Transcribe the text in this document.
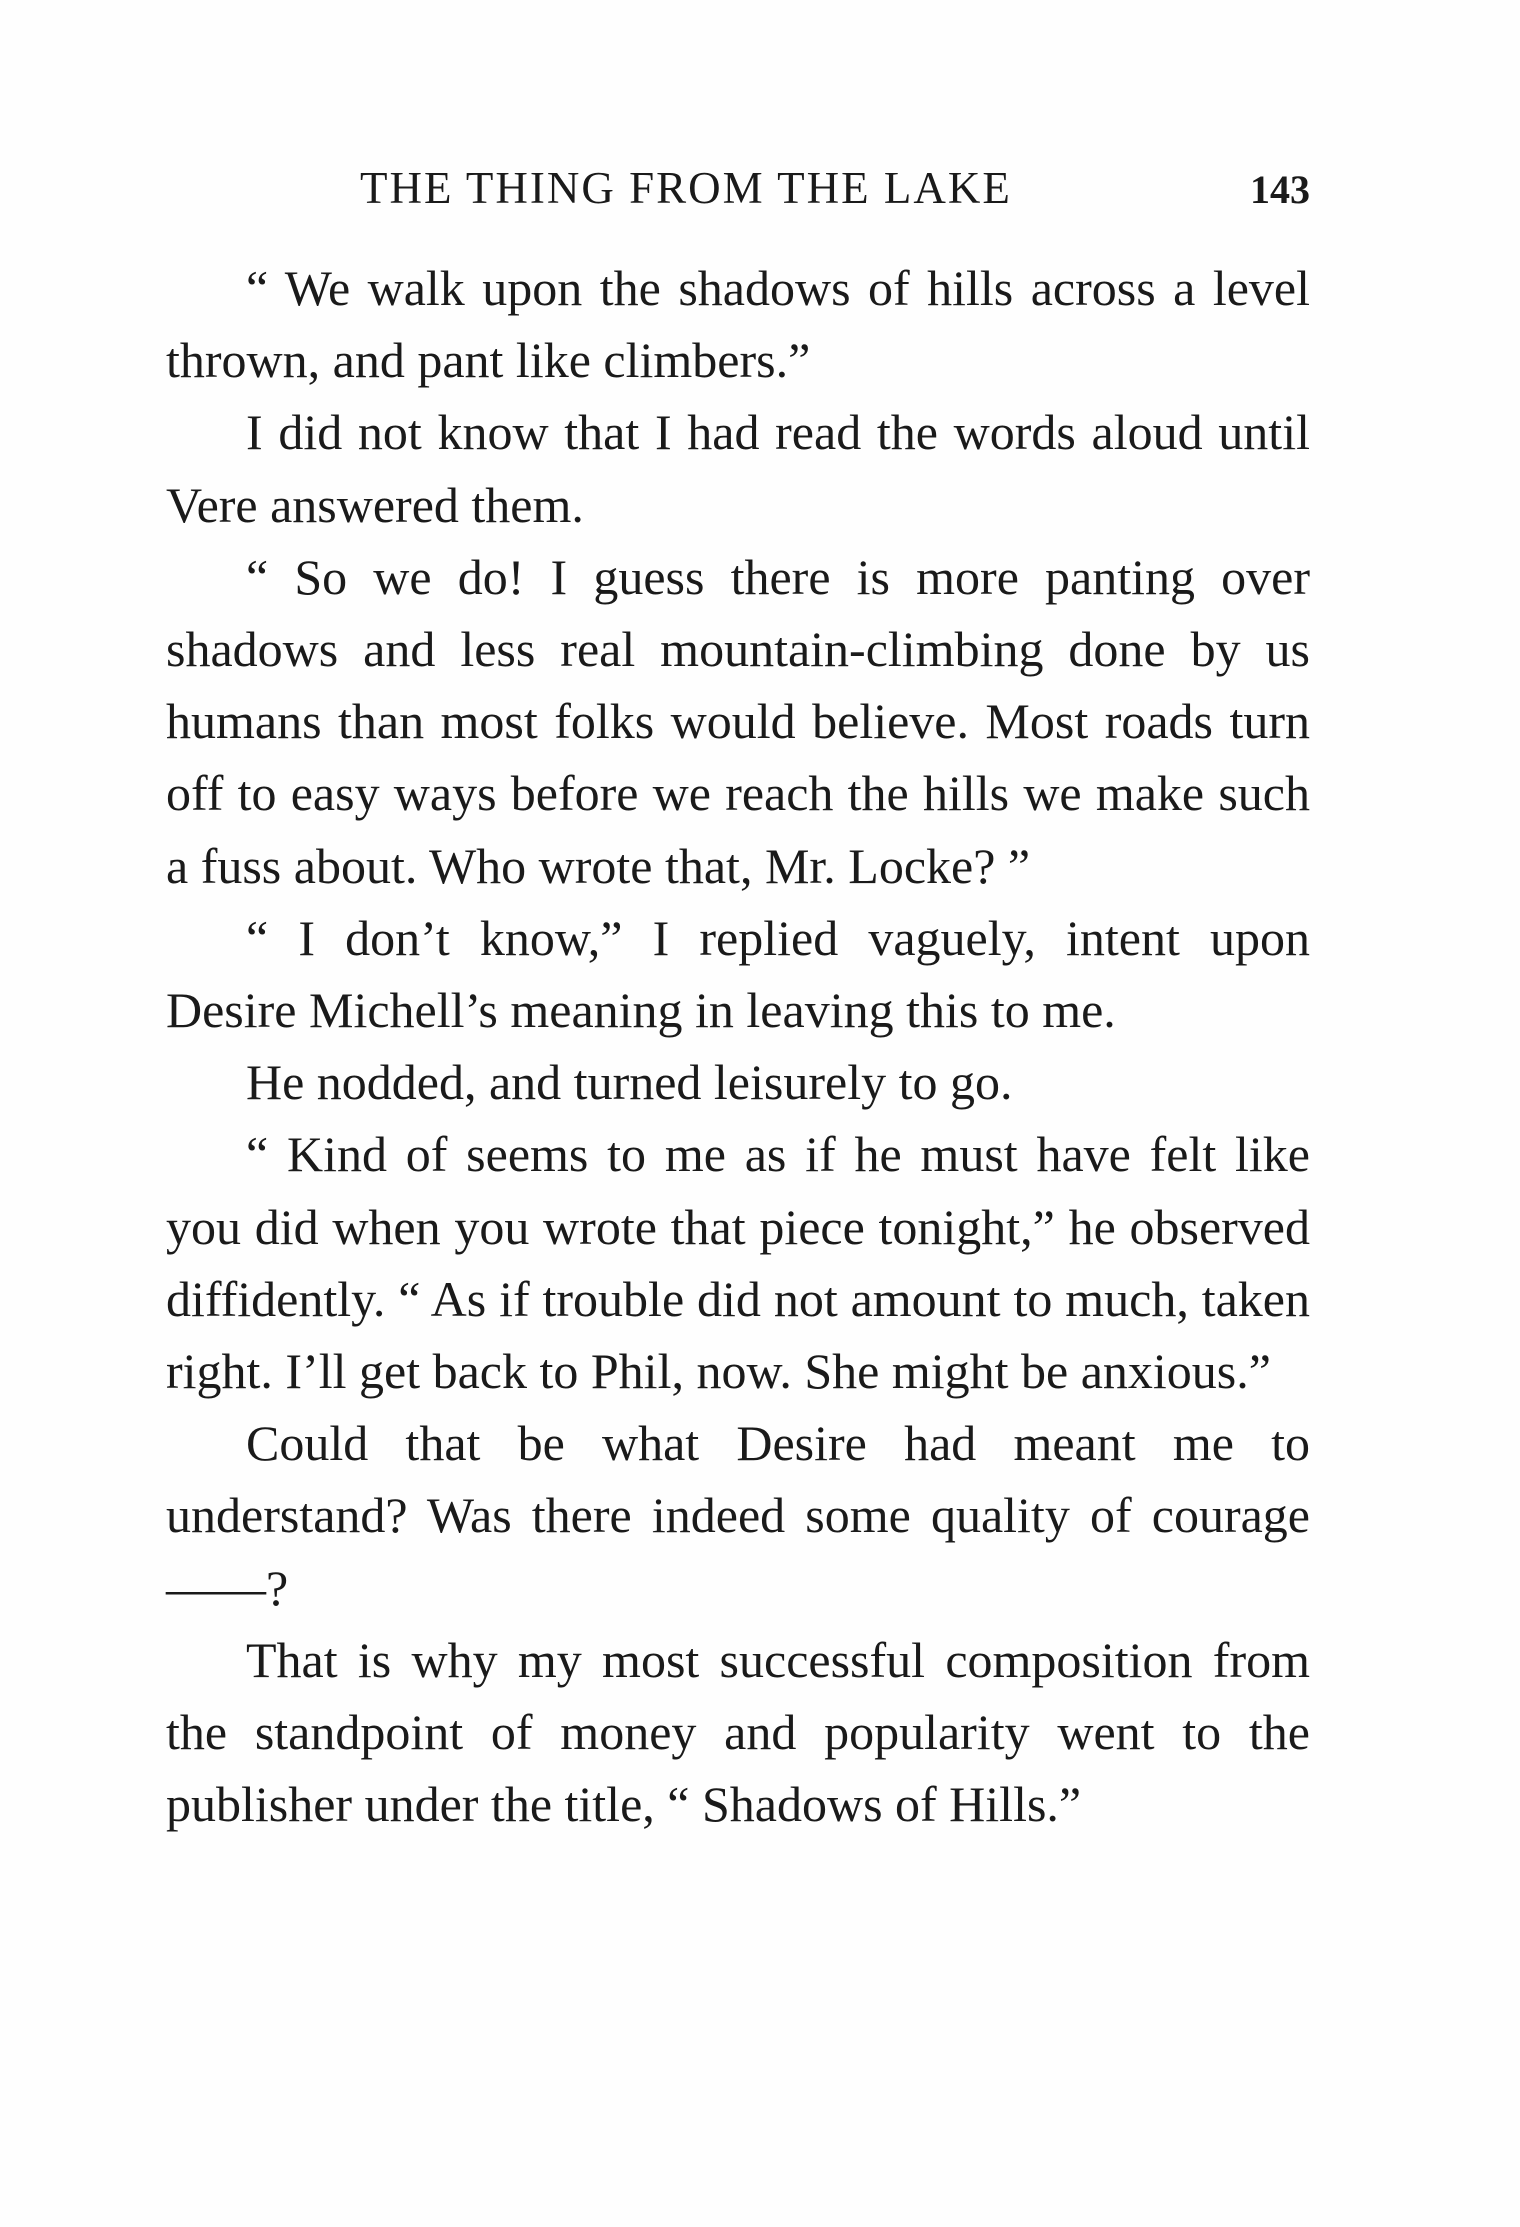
THE THING FROM THE LAKE	143

“ We walk upon the shadows of hills across a level thrown, and pant like climbers.”

I did not know that I had read the words aloud until Vere answered them.

“ So we do! I guess there is more panting over shadows and less real mountain-climbing done by us humans than most folks would believe. Most roads turn off to easy ways before we reach the hills we make such a fuss about. Who wrote that, Mr. Locke? ”

“ I don’t know,” I replied vaguely, intent upon Desire Michell’s meaning in leaving this to me.

He nodded, and turned leisurely to go.

“ Kind of seems to me as if he must have felt like you did when you wrote that piece tonight,” he observed diffidently. “ As if trouble did not amount to much, taken right. I’ll get back to Phil, now. She might be anxious.”

Could that be what Desire had meant me to understand? Was there indeed some quality of courage——?

That is why my most successful composition from the standpoint of money and popularity went to the publisher under the title, “ Shadows of Hills.”
